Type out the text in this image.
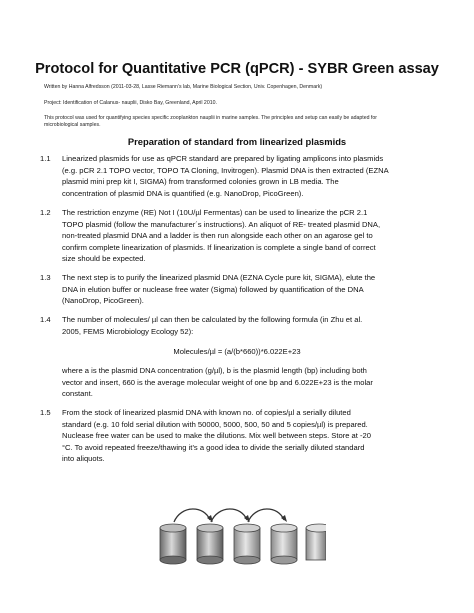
Protocol for Quantitative PCR (qPCR) - SYBR Green assay
Written by Hanna Alfredsson (2011-03-28, Lasse Riemann’s lab, Marine Biological Section, Univ. Copenhagen, Denmark)
Project: Identification of Calanus- nauplii, Disko Bay, Greenland, April 2010.
This protocol was used for quantifying species specific zooplankton nauplii in marine samples. The principles and setup can easily be adapted for
microbiological samples.
Preparation of standard from linearized plasmids
1.1	Linearized plasmids for use as qPCR standard are prepared by ligating amplicons into plasmids
(e.g. pCR 2.1 TOPO vector, TOPO TA Cloning, Invitrogen). Plasmid DNA is then extracted (EZNA
plasmid mini prep kit I, SIGMA) from transformed colonies grown in LB media. The
concentration of plasmid DNA is quantified (e.g. NanoDrop, PicoGreen).
1.2	The restriction enzyme (RE) Not I (10U/µl Fermentas) can be used to linearize the pCR 2.1
TOPO plasmid (follow the manufacturer´s instructions). An aliquot of RE- treated plasmid DNA,
non-treated plasmid DNA and a ladder is then run alongside each other on an agarose gel to
confirm complete linearization of plasmids. If linearization is complete a single band of correct
size should be expected.
1.3	The next step is to purify the linearized plasmid DNA (EZNA Cycle pure kit, SIGMA), elute the
DNA in elution buffer or nuclease free water (Sigma) followed by quantification of the DNA
(NanoDrop, PicoGreen).
1.4	The number of molecules/ µl can then be calculated by the following formula (in Zhu et al.
2005, FEMS Microbiology Ecology 52):
Molecules/µl = (a/(b*660))*6.022E+23
where a is the plasmid DNA concentration (g/µl), b is the plasmid length (bp) including both
vector and insert, 660 is the average molecular weight of one bp and 6.022E+23 is the molar
constant.
1.5	From the stock of linearized plasmid DNA with known no. of copies/µl a serially diluted
standard (e.g. 10 fold serial dilution with 50000, 5000, 500, 50 and 5 copies/µl) is prepared.
Nuclease free water can be used to make the dilutions. Mix well between steps. Store at -20
°C. To avoid repeated freeze/thawing it’s a good idea to divide the serially diluted standard
into aliquots.
